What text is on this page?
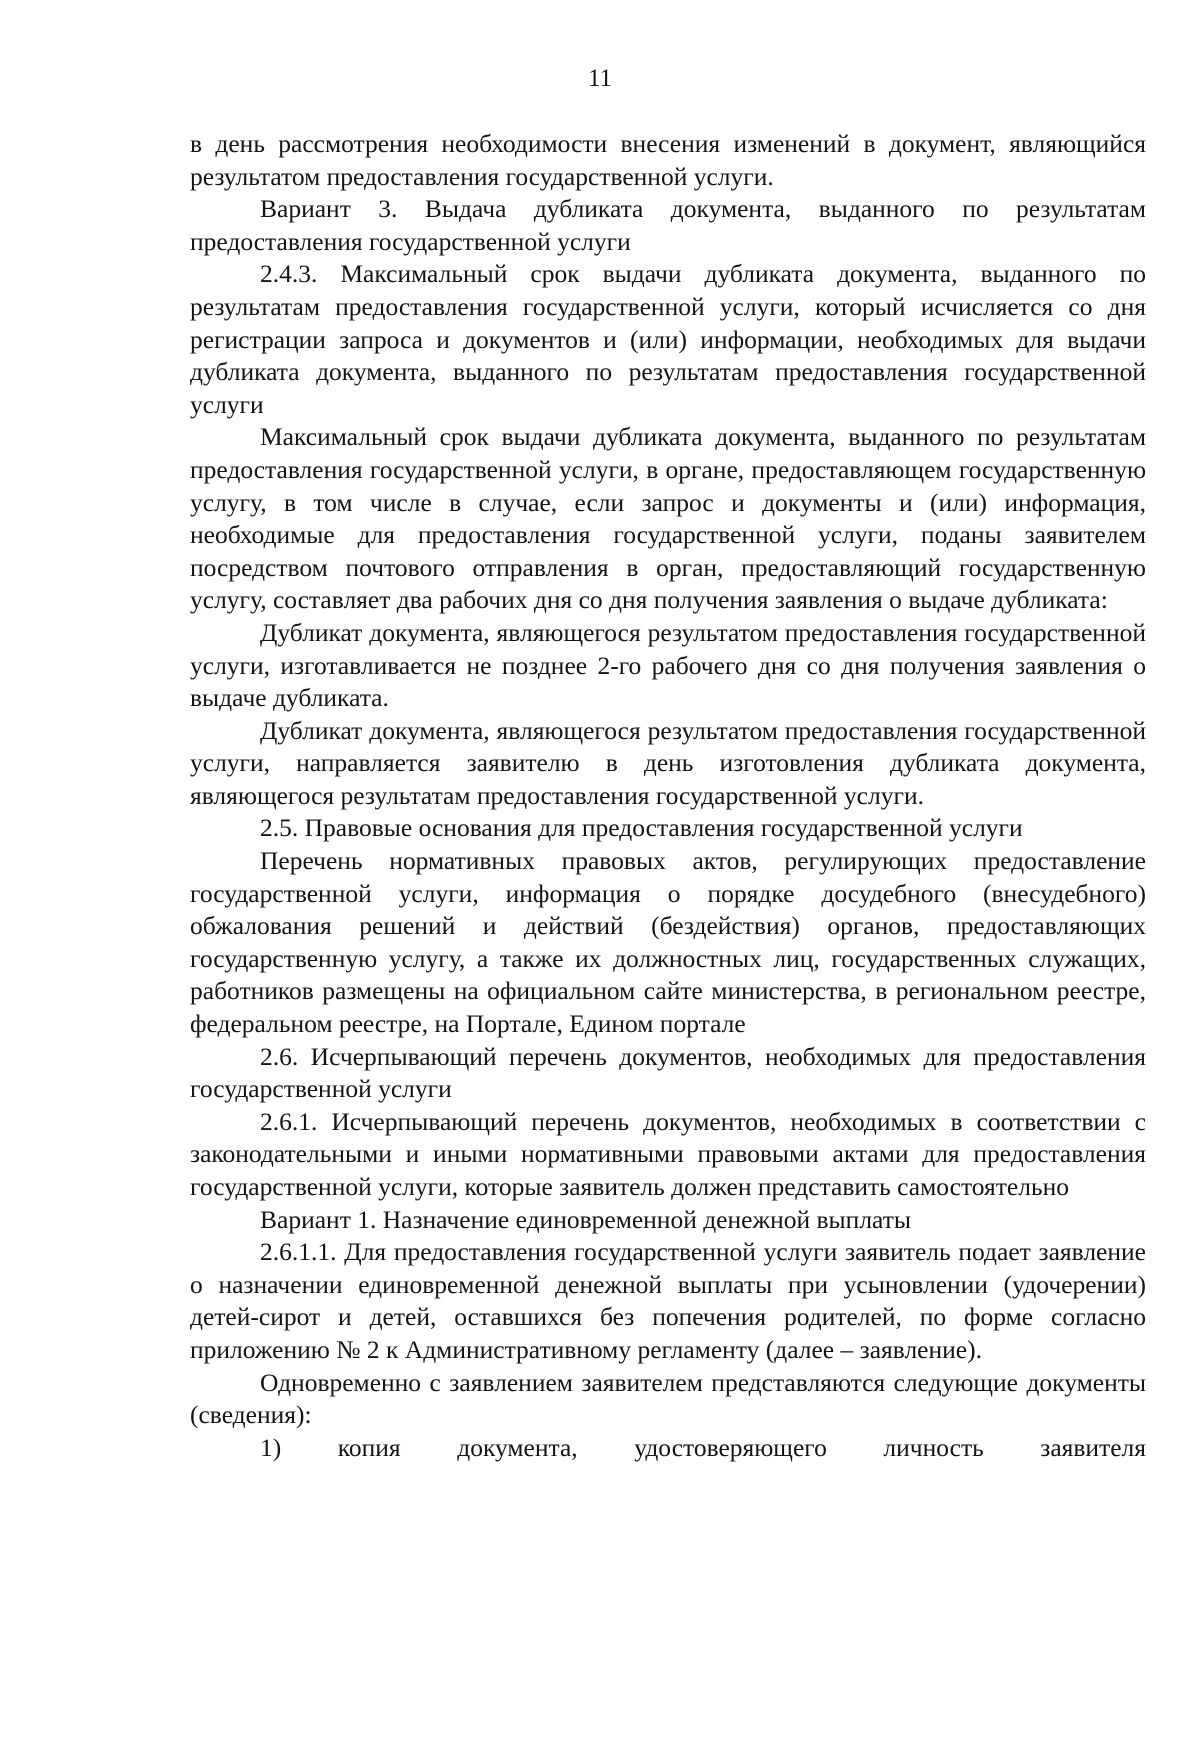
11

в день рассмотрения необходимости внесения изменений в документ, являющийся результатом предоставления государственной услуги.

Вариант 3. Выдача дубликата документа, выданного по результатам предоставления государственной услуги

2.4.3. Максимальный срок выдачи дубликата документа, выданного по результатам предоставления государственной услуги, который исчисляется со дня регистрации запроса и документов и (или) информации, необходимых для выдачи дубликата документа, выданного по результатам предоставления государственной услуги

Максимальный срок выдачи дубликата документа, выданного по результатам предоставления государственной услуги, в органе, предоставляющем государственную услугу, в том числе в случае, если запрос и документы и (или) информация, необходимые для предоставления государственной услуги, поданы заявителем посредством почтового отправления в орган, предоставляющий государственную услугу, составляет два рабочих дня со дня получения заявления о выдаче дубликата:

Дубликат документа, являющегося результатом предоставления государственной услуги, изготавливается не позднее 2-го рабочего дня со дня получения заявления о выдаче дубликата.

Дубликат документа, являющегося результатом предоставления государственной услуги, направляется заявителю в день изготовления дубликата документа, являющегося результатам предоставления государственной услуги.

2.5. Правовые основания для предоставления государственной услуги

Перечень нормативных правовых актов, регулирующих предоставление государственной услуги, информация о порядке досудебного (внесудебного) обжалования решений и действий (бездействия) органов, предоставляющих государственную услугу, а также их должностных лиц, государственных служащих, работников размещены на официальном сайте министерства, в региональном реестре, федеральном реестре, на Портале, Едином портале

2.6. Исчерпывающий перечень документов, необходимых для предоставления государственной услуги

2.6.1. Исчерпывающий перечень документов, необходимых в соответствии с законодательными и иными нормативными правовыми актами для предоставления государственной услуги, которые заявитель должен представить самостоятельно

Вариант 1. Назначение единовременной денежной выплаты

2.6.1.1. Для предоставления государственной услуги заявитель подает заявление о назначении единовременной денежной выплаты при усыновлении (удочерении) детей-сирот и детей, оставшихся без попечения родителей, по форме согласно приложению № 2 к Административному регламенту (далее – заявление).

Одновременно с заявлением заявителем представляются следующие документы (сведения):

1) копия документа, удостоверяющего личность заявителя
